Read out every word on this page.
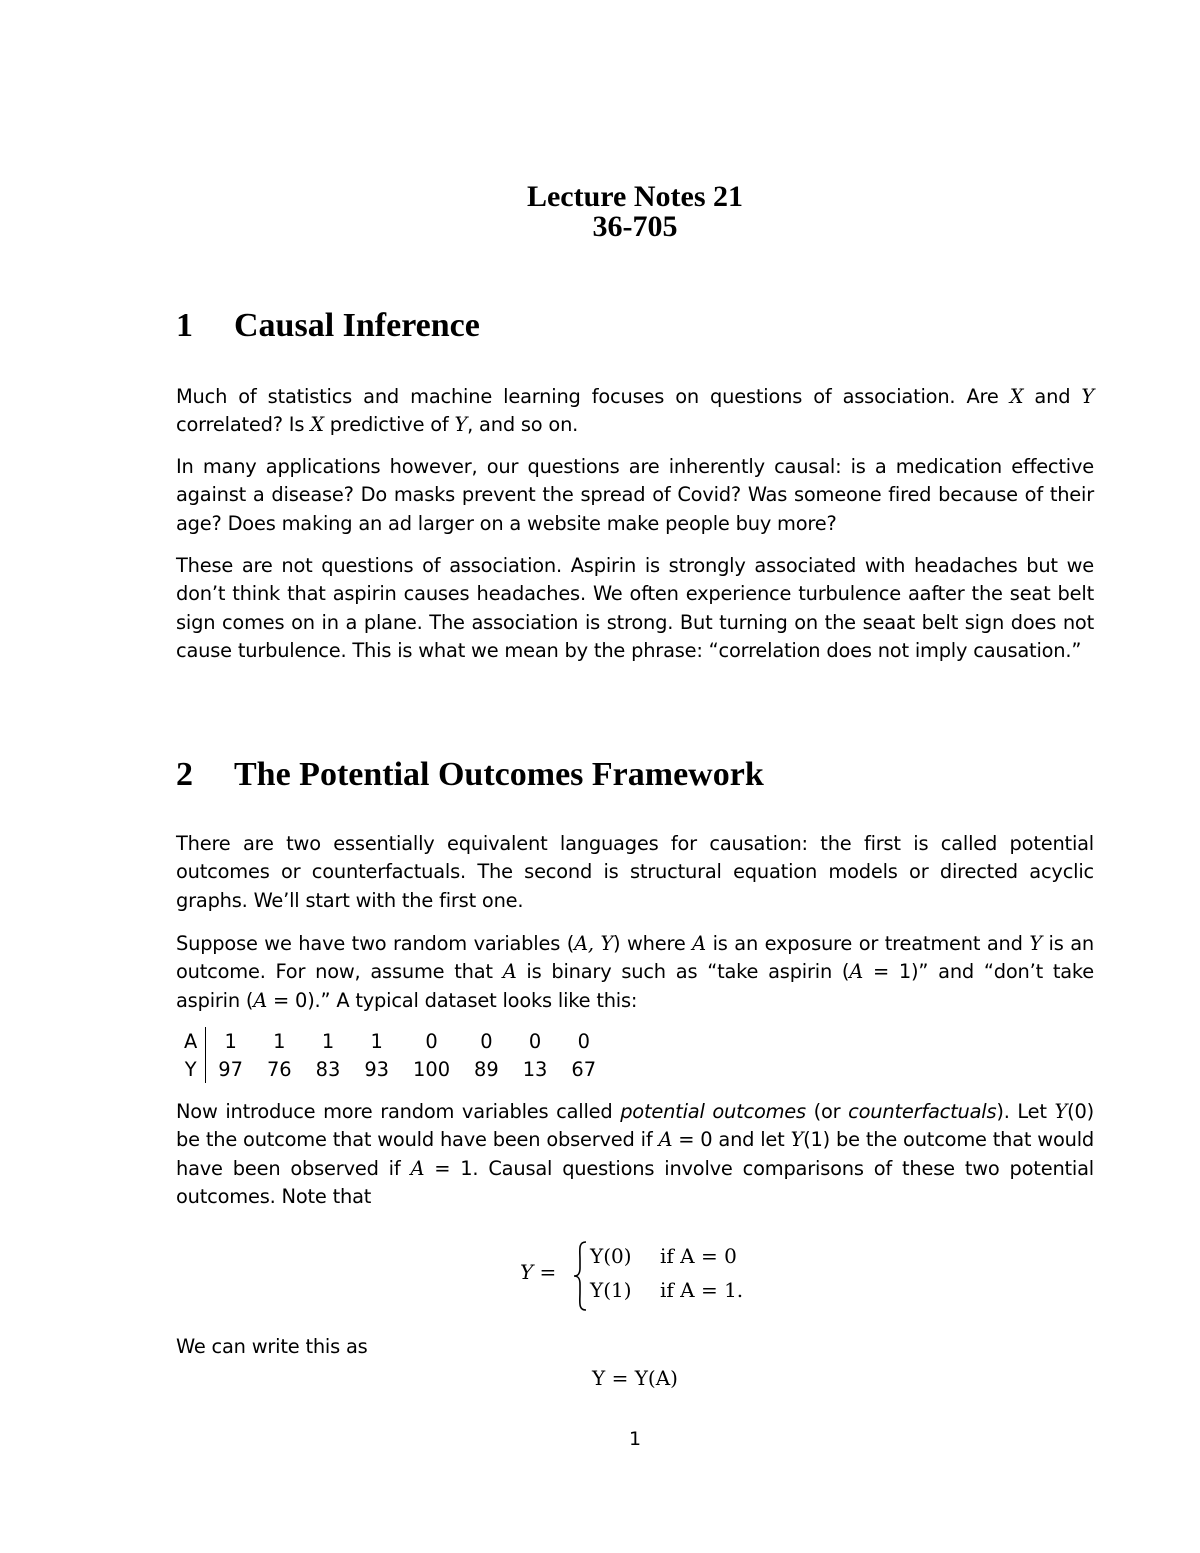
Lecture Notes 21
36-705
1 Causal Inference

Much of statistics and machine learning focuses on questions of association. Are X and Y correlated? Is X predictive of Y, and so on.

In many applications however, our questions are inherently causal: is a medication effective against a disease? Do masks prevent the spread of Covid? Was someone fired because of their age? Does making an ad larger on a website make people buy more?

These are not questions of association. Aspirin is strongly associated with headaches but we don’t think that aspirin causes headaches. We often experience turbulence aafter the seat belt sign comes on in a plane. The association is strong. But turning on the seaat belt sign does not cause turbulence. This is what we mean by the phrase: “correlation does not imply causation.”

2 The Potential Outcomes Framework

There are two essentially equivalent languages for causation: the first is called potential outcomes or counterfactuals. The second is structural equation models or directed acyclic graphs. We’ll start with the first one.

Suppose we have two random variables (A, Y) where A is an exposure or treatment and Y is an outcome. For now, assume that A is binary such as “take aspirin (A = 1)” and “don’t take aspirin (A = 0).” A typical dataset looks like this:

A	1	1	1	1	0	0	0	0
Y	97	76	83	93	100	89	13	67

Now introduce more random variables called potential outcomes (or counterfactuals). Let Y(0) be the outcome that would have been observed if A = 0 and let Y(1) be the outcome that would have been observed if A = 1. Causal questions involve comparisons of these two potential outcomes. Note that

Y =
Y(0) if A = 0
Y(1) if A = 1.

We can write this as

Y = Y(A)
1
